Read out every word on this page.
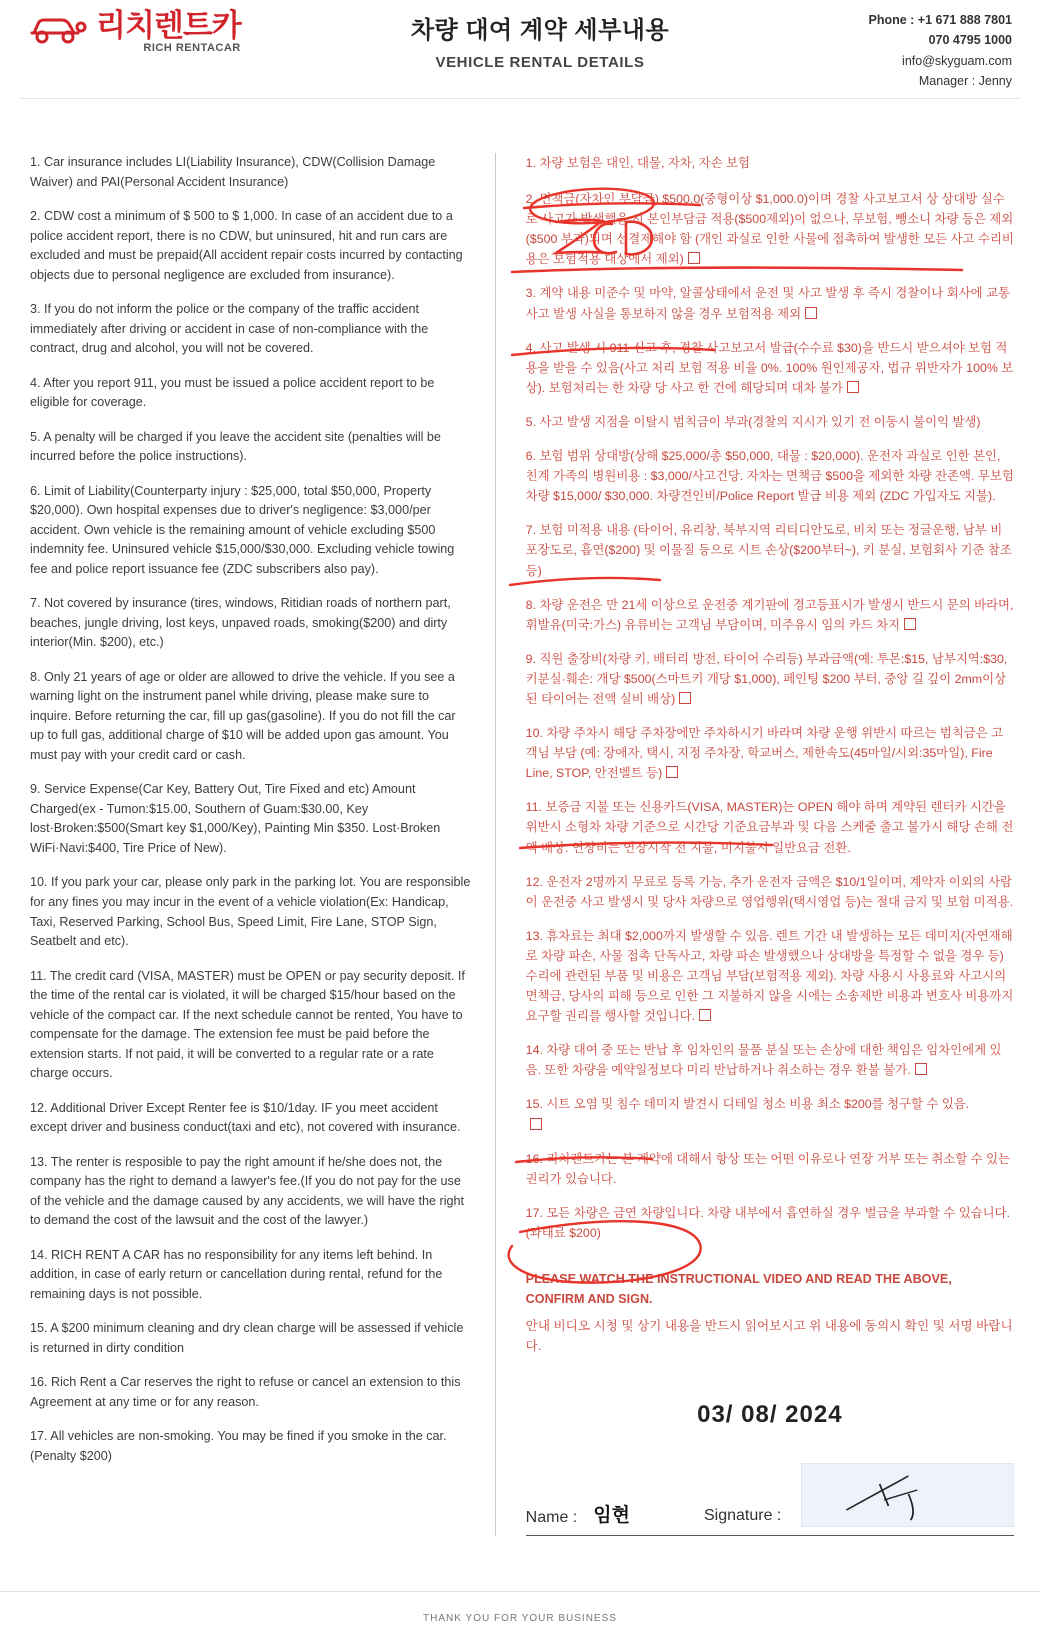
리치렌트카
RICH RENTACAR
차량 대여 계약 세부내용
VEHICLE RENTAL DETAILS
Phone : +1 671 888 7801
070 4795 1000
info@skyguam.com
Manager : Jenny
1. Car insurance includes LI(Liability Insurance), CDW(Collision Damage Waiver) and PAI(Personal Accident Insurance)
2. CDW cost a minimum of $ 500 to $ 1,000. In case of an accident due to a police accident report, there is no CDW, but uninsured, hit and run cars are excluded and must be prepaid(All accident repair costs incurred by contacting objects due to personal negligence are excluded from insurance).
3. If you do not inform the police or the company of the traffic accident immediately after driving or accident in case of non-compliance with the contract, drug and alcohol, you will not be covered.
4. After you report 911, you must be issued a police accident report to be eligible for coverage.
5. A penalty will be charged if you leave the accident site (penalties will be incurred before the police instructions).
6. Limit of Liability(Counterparty injury : $25,000, total $50,000, Property $20,000). Own hospital expenses due to driver's negligence: $3,000/per accident. Own vehicle is the remaining amount of vehicle excluding $500 indemnity fee. Uninsured vehicle $15,000/$30,000. Excluding vehicle towing fee and police report issuance fee (ZDC subscribers also pay).
7. Not covered by insurance (tires, windows, Ritidian roads of northern part, beaches, jungle driving, lost keys, unpaved roads, smoking($200) and dirty interior(Min. $200), etc.)
8. Only 21 years of age or older are allowed to drive the vehicle. If you see a warning light on the instrument panel while driving, please make sure to inquire. Before returning the car, fill up gas(gasoline). If you do not fill the car up to full gas, additional charge of $10 will be added upon gas amount. You must pay with your credit card or cash.
9. Service Expense(Car Key, Battery Out, Tire Fixed and etc) Amount Charged(ex - Tumon:$15.00, Southern of Guam:$30.00, Key lost·Broken:$500(Smart key $1,000/Key), Painting Min $350. Lost·Broken WiFi·Navi:$400, Tire Price of New).
10. If you park your car, please only park in the parking lot. You are responsible for any fines you may incur in the event of a vehicle violation(Ex: Handicap, Taxi, Reserved Parking, School Bus, Speed Limit, Fire Lane, STOP Sign, Seatbelt and etc).
11. The credit card (VISA, MASTER) must be OPEN or pay security deposit. If the time of the rental car is violated, it will be charged $15/hour based on the vehicle of the compact car. If the next schedule cannot be rented, You have to compensate for the damage. The extension fee must be paid before the extension starts. If not paid, it will be converted to a regular rate or a rate charge occurs.
12. Additional Driver Except Renter fee is $10/1day. IF you meet accident except driver and business conduct(taxi and etc), not covered with insurance.
13. The renter is resposible to pay the right amount if he/she does not, the company has the right to demand a lawyer's fee.(If you do not pay for the use of the vehicle and the damage caused by any accidents, we will have the right to demand the cost of the lawsuit and the cost of the lawyer.)
14. RICH RENT A CAR has no responsibility for any items left behind. In addition, in case of early return or cancellation during rental, refund for the remaining days is not possible.
15. A $200 minimum cleaning and dry clean charge will be assessed if vehicle is returned in dirty condition
16. Rich Rent a Car reserves the right to refuse or cancel an extension to this Agreement at any time or for any reason.
17. All vehicles are non-smoking. You may be fined if you smoke in the car. (Penalty $200)
1. 차량 보험은 대인, 대물, 자차, 자손 보험
2. 면책금(자차인 부담금) $500.0(중형이상 $1,000.0)이며 경찰 사고보고서 상 상대방 실수로 사고가 발생했을 시 본인부담금 적용($500제외)이 없으나, 무보험, 뺑소니 차량 등은 제외($500 부과)되며 선결제해야 함 (개인 과실로 인한 사물에 접촉하여 발생한 모든 사고 수리비용은 보험적용 대상에서 제외)
3. 계약 내용 미준수 및 마약, 알콜상태에서 운전 및 사고 발생 후 즉시 경찰이나 회사에 교통 사고 발생 사실을 통보하지 않을 경우 보험적용 제외
4. 사고 발생 시 911 신고 후, 경찰 사고보고서 발급(수수료 $30)을 반드시 받으셔야 보험 적용을 받을 수 있음(사고 처리 보험 적용 비율 0%. 100% 원인제공자, 법규 위반자가 100% 보상). 보험처리는 한 차량 당 사고 한 건에 해당되며 대차 불가
5. 사고 발생 지점을 이탈시 범칙금이 부과(경찰의 지시가 있기 전 이동시 불이익 발생)
6. 보험 범위 상대방(상해 $25,000/총 $50,000, 대물 : $20,000). 운전자 과실로 인한 본인, 친계 가족의 병원비용 : $3,000/사고건당. 자차는 면책금 $500을 제외한 차량 잔존액. 무보험 차량 $15,000/ $30,000. 차량견인비/Police Report 발급 비용 제외 (ZDC 가입자도 지불).
7. 보험 미적용 내용 (타이어, 유리창, 북부지역 리티디안도로, 비치 또는 정글운행, 남부 비포장도로, 흡연($200) 및 이물질 등으로 시트 손상($200부터~), 키 분실, 보험회사 기준 참조 등)
8. 차량 운전은 만 21세 이상으로 운전중 계기판에 경고등표시가 발생시 반드시 문의 바라며, 휘발유(미국:가스) 유류비는 고객님 부담이며, 미주유시 임의 카드 차지
9. 직원 출장비(차량 키, 배터리 방전, 타이어 수리등) 부과금액(예: 투몬:$15, 남부지역:$30, 키분실·훼손: 개당 $500(스마트키 개당 $1,000), 페인팅 $200 부터, 중앙 길 깊이 2mm이상 된 타이어는 전액 실비 배상)
10. 차량 주차시 해당 주차장에만 주차하시기 바라며 차량 운행 위반시 따르는 범칙금은 고객님 부담 (예: 장애자, 택시, 지정 주차장, 학교버스, 제한속도(45마일/시외:35마일), Fire Line, STOP, 안전벨트 등)
11. 보증금 지불 또는 신용카드(VISA, MASTER)는 OPEN 해야 하며 계약된 렌터카 시간을 위반시 소형차 차량 기준으로 시간당 기준요금부과 및 다음 스케줄 출고 불가시 해당 손해 전액 배상. 연장비는 연장시작 전 지불, 미지불시 일반요금 전환.
12. 운전자 2명까지 무료로 등록 가능, 추가 운전자 금액은 $10/1일이며, 계약자 이외의 사람이 운전중 사고 발생시 및 당사 차량으로 영업행위(택시영업 등)는 절대 금지 및 보험 미적용.
13. 휴차료는 최대 $2,000까지 발생할 수 있음. 렌트 기간 내 발생하는 모든 데미지(자연재해로 차량 파손, 사물 접촉 단독사고, 차량 파손 발생했으나 상대방을 특정할 수 없을 경우 등) 수리에 관련된 부품 및 비용은 고객님 부담(보험적용 제외). 차량 사용시 사용료와 사고시의 면책금, 당사의 피해 등으로 인한 그 지불하지 않을 시에는 소송제반 비용과 변호사 비용까지 요구할 권리를 행사할 것입니다.
14. 차량 대여 중 또는 반납 후 임차인의 물품 분실 또는 손상에 대한 책임은 임차인에게 있음. 또한 차량을 예약일정보다 미리 반납하거나 취소하는 경우 환불 불가.
15. 시트 오염 및 침수 데미지 발견시 디테일 청소 비용 최소 $200를 청구할 수 있음.
16. 리치렌트카는 본 계약에 대해서 항상 또는 어떤 이유로나 연장 거부 또는 취소할 수 있는 권리가 있습니다.
17. 모든 차량은 금연 차량입니다. 차량 내부에서 흡연하실 경우 벌금을 부과할 수 있습니다. (과태료 $200)
PLEASE WATCH THE INSTRUCTIONAL VIDEO AND READ THE ABOVE,
CONFIRM AND SIGN.
안내 비디오 시청 및 상기 내용을 반드시 읽어보시고 위 내용에 동의시 확인 및 서명 바랍니다.
03/ 08/ 2024
Name : 임현	Signature :
THANK YOU FOR YOUR BUSINESS
